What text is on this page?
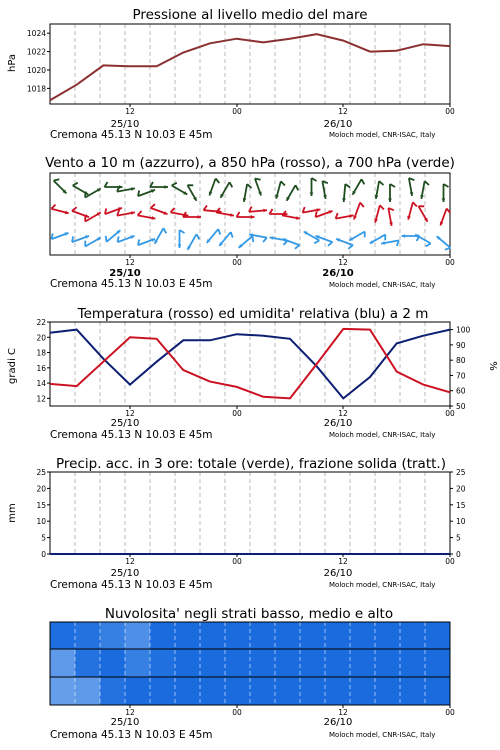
Pressione al livello medio del mare
hPa
1018
1020
1022
1024
12	00	12	00
25/10	26/10
Cremona 45.13 N 10.03 E 45m	Moloch model, CNR-ISAC, Italy
Vento a 10 m (azzurro), a 850 hPa (rosso), a 700 hPa (verde)
12	00	12	00
25/10	26/10
Cremona 45.13 N 10.03 E 45m	Moloch model, CNR-ISAC, Italy
Temperatura (rosso) ed umidita' relativa (blu) a 2 m
gradi C	%
12
14
16
18
20
22
50
60
70
80
90
100
12	00	12	00
25/10	26/10
Cremona 45.13 N 10.03 E 45m	Moloch model, CNR-ISAC, Italy
Precip. acc. in 3 ore: totale (verde), frazione solida (tratt.)
mm
0
5
10
15
20
25
0
5
10
15
20
25
12	00	12	00
25/10	26/10
Cremona 45.13 N 10.03 E 45m	Moloch model, CNR-ISAC, Italy
Nuvolosita' negli strati basso, medio e alto
12	00	12	00
25/10	26/10
Cremona 45.13 N 10.03 E 45m	Moloch model, CNR-ISAC, Italy
